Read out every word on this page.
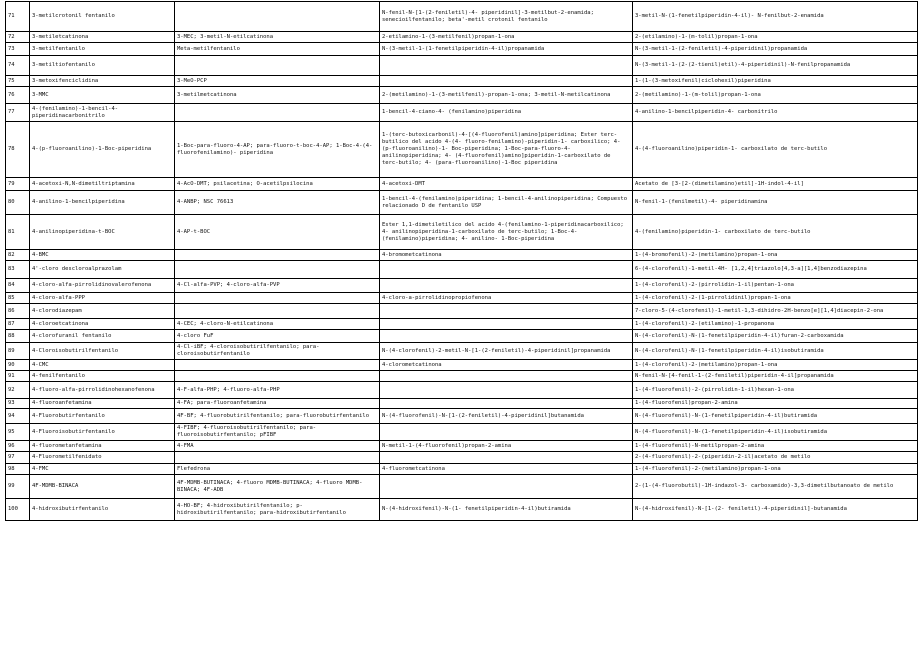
71	3-metilcrotonil fentanilo		N-fenil-N-[1-(2-feniletil)-4- piperidinil]-3-metilbut-2-enamida; senecioilfentanilo; beta'-metil crotonil fentanilo	3-metil-N-(1-fenetilpiperidin-4-il)- N-fenilbut-2-enamida
72	3-metiletcatinona	3-MEC; 3-metil-N-etilcatinona	2-etilamino-1-(3-metilfenil)propan-1-ona	2-(etilamino)-1-(m-tolil)propan-1-ona
73	3-metilfentanilo	Meta-metilfentanilo	N-(3-metil-1-(1-fenetilpiperidin-4-il)propanamida	N-(3-metil-1-(2-feniletil)-4-piperidinil)propanamida
74	3-metiltiofentanilo			N-(3-metil-1-(2-(2-tienil)etil)-4-piperidinil)-N-fenilpropanamida
75	3-metoxifenciclidina	3-MeO-PCP		1-(1-(3-metoxifenil)ciclohexil)piperidina
76	3-MMC	3-metilmetcatinona	2-(metilamino)-1-(3-metilfenil)-propan-1-ona; 3-metil-N-metilcatinona	2-(metilamino)-1-(m-tolil)propan-1-ona
77	4-(fenilamino)-1-bencil-4-piperidinacarbonitrilo		1-bencil-4-ciano-4- (fenilamino)piperidina	4-anilino-1-bencilpiperidin-4- carbonitrilo
78	4-(p-fluoroanilino)-1-Boc-piperidina	1-Boc-para-fluoro-4-AP; para-fluoro-t-boc-4-AP; 1-Boc-4-(4-fluorofenilamino)- piperidina	1-(terc-butoxicarbonil)-4-[(4-fluorofenil)amino]piperidina; Ester terc-butilico del acido 4-(4- fluoro-fenilamino)-piperidin-1- carboxilico; 4-(p-fluoroanilino)-1- Boc-piperidina; 1-Boc-para-fluoro-4-anilinopiperidina; 4- (4-fluorofenil)amino]piperidin-1-carboxilato de terc-butilo; 4- (para-fluoroanilino)-1-Boc piperidina	4-(4-fluoroanilino)piperidin-1- carboxilato de terc-butilo
79	4-acetoxi-N,N-dimetiltriptamina	4-AcO-DMT; psilacetina; O-acetilpsilocina	4-acetoxi-DMT	Acetato de [3-[2-(dimetilamino)etil]-1H-indol-4-il]
80	4-anilino-1-bencilpiperidina	4-ANBP; NSC 76613	1-bencil-4-(fenilamino)piperidina; 1-bencil-4-anilinopiperidina; Compuesto relacionado D de fentanilo USP	N-fenil-1-(fenilmetil)-4- piperidinamina
81	4-anilinopiperidina-t-BOC	4-AP-t-BOC	Ester 1,1-dimetiletilico del acido 4-(fenilamino-1-piperidinacarboxilico; 4- anilinopiperidina-1-carboxilato de terc-butilo; 1-Boc-4- (fenilamino)piperidina; 4- anilino- 1-Boc-piperidina	4-(fenilamino)piperidin-1- carboxilato de terc-butilo
82	4-BMC		4-bromometcatinona	1-(4-bromofenil)-2-(metilamino)propan-1-ona
83	4'-cloro desclorоalprazolam			6-(4-clorofenil)-1-metil-4H- [1,2,4]triazolo[4,3-a][1,4]benzodiazepina
84	4-cloro-alfa-pirrolidinovalerofenona	4-Cl-alfa-PVP; 4-cloro-alfa-PVP		1-(4-clorofenil)-2-(pirrolidin-1-il)pentan-1-ona
85	4-cloro-alfa-PPP		4-cloro-a-pirrolidinopropiofenona	1-(4-clorofenil)-2-(1-pirrolidinil)propan-1-ona
86	4-clorodiazepam			7-cloro-5-(4-clorofenil)-1-metil-1,3-dihidro-2H-benzo[e][1,4]diacepin-2-ona
87	4-cloroetcatinona	4-CEC; 4-cloro-N-etilcatinona		1-(4-clorofenil)-2-(etilamino)-1-propanona
88	4-clorofuranil fentanilo	4-cloro FuF		N-(4-clorofenil)-N-(1-fenetilpiperidin-4-il)furan-2-carboxamida
89	4-Clorоisobutirilfentanilo	4-Cl-iBF; 4-cloroisobutirilfentanilo; para-cloroisobutirfentanilo	N-(4-clorofenil)-2-metil-N-[1-(2-feniletil)-4-piperidinil]propanamida	N-(4-clorofenil)-N-(1-fenetilpiperidin-4-il)isobutiramida
90	4-CMC		4-clorometcatinona	1-(4-clorofenil)-2-(metilamino)propan-1-ona
91	4-fenilfentanilo			N-fenil-N-[4-fenil-1-(2-feniletil)piperidin-4-il]propanamida
92	4-fluoro-alfa-pirrolidinohexanofenona	4-F-alfa-PHP; 4-fluoro-alfa-PHP		1-(4-fluorofenil)-2-(pirrolidin-1-il)hexan-1-ona
93	4-fluoroanfetamina	4-FA; para-fluoroanfetamina		1-(4-fluorofenil)propan-2-amina
94	4-Fluorobutirfentanilo	4F-BF; 4-fluorobutirilfentanilo; para-fluorobutirfentanilo	N-(4-fluorofenil)-N-[1-(2-feniletil)-4-piperidinil]butanamida	N-(4-fluorofenil)-N-(1-fenetilpiperidin-4-il)butiramida
95	4-Fluoroisobutirfentanilo	4-FIBF; 4-fluoroisobutirilfentanilo; para-fluoroisobutirfentanilo; pFIBF		N-(4-fluorofenil)-N-(1-fenetilpiperidin-4-il)isobutiramida
96	4-fluorometanfetamina	4-FMA	N-metil-1-(4-fluorofenil)propan-2-amina	1-(4-fluorofenil)-N-metilpropan-2-amina
97	4-Fluorometilfenidato			2-(4-fluorofenil)-2-(piperidin-2-il)acetato de metilo
98	4-FMC	Flefedrona	4-fluorometcatinona	1-(4-fluorofenil)-2-(metilamino)propan-1-ona
99	4F-MDMB-BINACA	4F-MDMB-BUTINACA; 4-fluoro MDMB-BUTINACA; 4-fluoro MDMB-BINACA; 4F-ADB		2-(1-(4-fluorobutil)-1H-indazol-3- carboxamido)-3,3-dimetilbutanoato de metilo
100	4-hidroxibutirfentanilo	4-HO-BF; 4-hidroxibutirilfentanilo; p-hidroxibutirilfentanilo; para-hidroxibutirfentanilo	N-(4-hidroxifenil)-N-(1- fenetilpiperidin-4-il)butiramida	N-(4-hidroxifenil)-N-[1-(2- feniletil)-4-piperidinil]-butanamida
